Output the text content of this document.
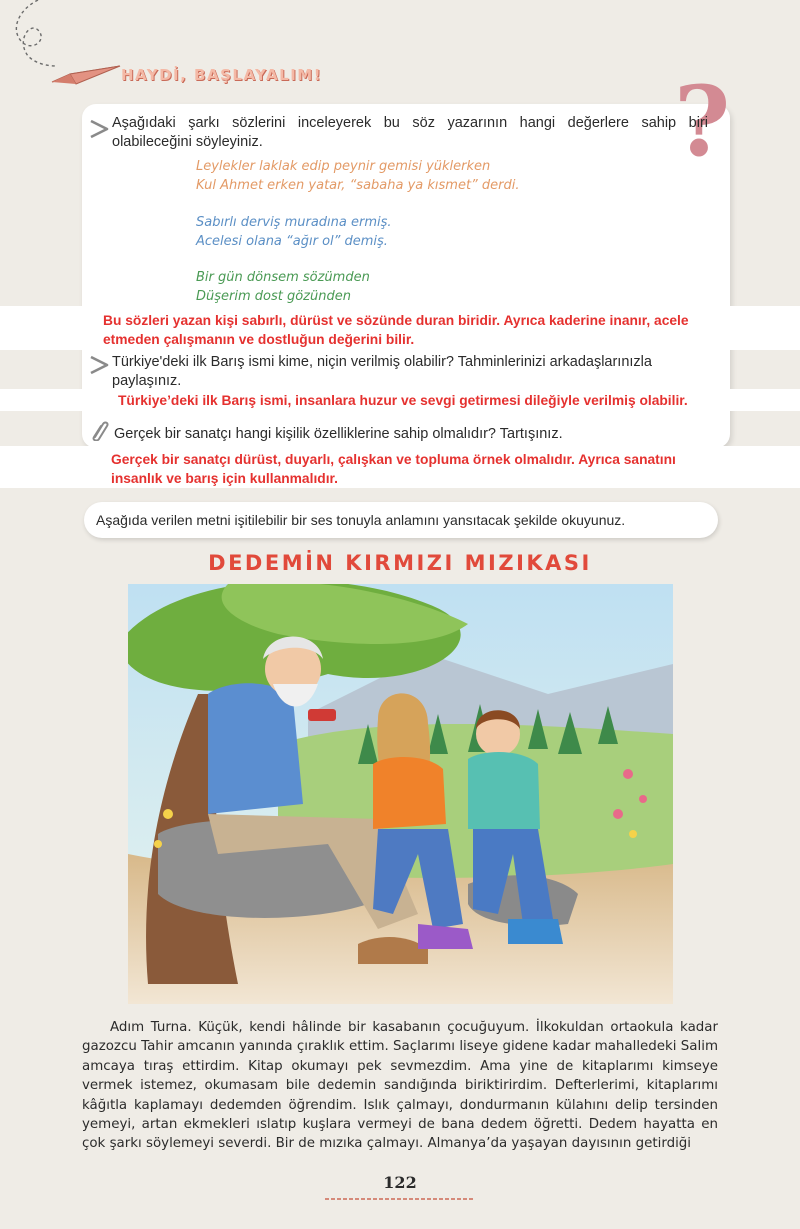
HAYDİ, BAŞLAYALIM!	?
Aşağıdaki şarkı sözlerini inceleyerek bu söz yazarının hangi değerlere sahip biri
olabileceğini söyleyiniz.
Leylekler laklak edip peynir gemisi yüklerken
Kul Ahmet erken yatar, “sabaha ya kısmet” derdi.
Sabırlı derviş muradına ermiş.
Acelesi olana “ağır ol” demiş.
Bir gün dönsem sözümden
Düşerim dost gözünden
Bu sözleri yazan kişi sabırlı, dürüst ve sözünde duran biridir. Ayrıca kaderine inanır, acele
etmeden çalışmanın ve dostluğun değerini bilir.
Türkiye'deki ilk Barış ismi kime, niçin verilmiş olabilir? Tahminlerinizi arkadaşlarınızla
paylaşınız.
Türkiye’deki ilk Barış ismi, insanlara huzur ve sevgi getirmesi dileğiyle verilmiş olabilir.
Gerçek bir sanatçı hangi kişilik özelliklerine sahip olmalıdır? Tartışınız.
Gerçek bir sanatçı dürüst, duyarlı, çalışkan ve topluma örnek olmalıdır. Ayrıca sanatını
insanlık ve barış için kullanmalıdır.
Aşağıda verilen metni işitilebilir bir ses tonuyla anlamını yansıtacak şekilde okuyunuz.
DEDEMİN KIRMIZI MIZIKASI
Adım Turna. Küçük, kendi hâlinde bir kasabanın çocuğuyum. İlkokuldan ortaokula kadar gazozcu Tahir amcanın yanında çıraklık ettim. Saçlarımı liseye gidene kadar mahalledeki Salim amcaya tıraş ettirdim. Kitap okumayı pek sevmezdim. Ama yine de kitaplarımı kimseye vermek istemez, okumasam bile dedemin sandığında biriktirirdim. Defterlerimi, kitaplarımı kâğıtla kaplamayı dedemden öğrendim. Islık çalmayı, dondurmanın külahını delip tersinden yemeyi, artan ekmekleri ıslatıp kuşlara vermeyi de bana dedem öğretti. Dedem hayatta en çok şarkı söylemeyi severdi. Bir de mızıka çalmayı. Almanya’da yaşayan dayısının getirdiği
122
